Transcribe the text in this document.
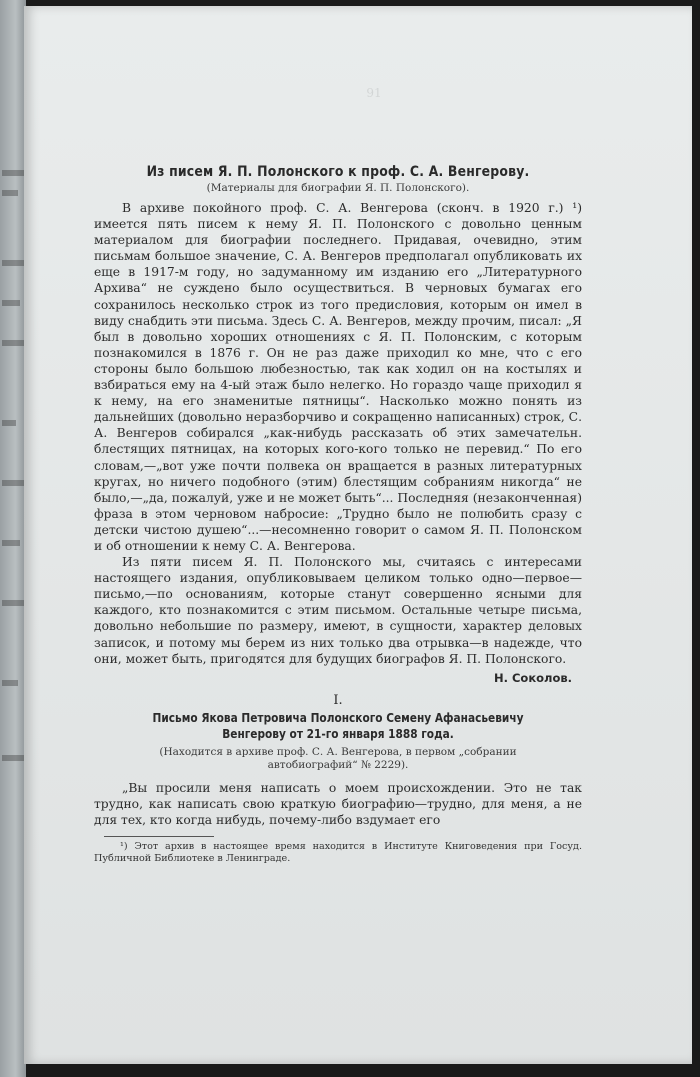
91
Из писем Я. П. Полонского к проф. С. А. Венгерову.
(Материалы для биографии Я. П. Полонского).

В архиве покойного проф. С. А. Венгерова (сконч. в 1920 г.) ¹) имеется пять писем к нему Я. П. Полонского с довольно ценным материалом для биографии последнего. Придавая, очевидно, этим письмам большое значение, С. А. Венгеров предполагал опубликовать их еще в 1917-м году, но задуманному им изданию его „Литературного Архива“ не суждено было осуществиться. В черновых бумагах его сохранилось несколько строк из того предисловия, которым он имел в виду снабдить эти письма. Здесь С. А. Венгеров, между прочим, писал: „Я был в довольно хороших отношениях с Я. П. Полонским, с которым познакомился в 1876 г. Он не раз даже приходил ко мне, что с его стороны было большою любезностью, так как ходил он на костылях и взбираться ему на 4-ый этаж было нелегко. Но гораздо чаще приходил я к нему, на его знаменитые пятницы“. Насколько можно понять из дальнейших (довольно неразборчиво и сокращенно написанных) строк, С. А. Венгеров собирался „как-нибудь рассказать об этих замечательн. блестящих пятницах, на которых кого-кого только не перевид.“ По его словам,—„вот уже почти полвека он вращается в разных литературных кругах, но ничего подобного (этим) блестящим собраниям никогда“ не было,—„да, пожалуй, уже и не может быть“... Последняя (незаконченная) фраза в этом черновом набросие: „Трудно было не полюбить сразу с детски чистою душею“...—несомненно говорит о самом Я. П. Полонском и об отношении к нему С. А. Венгерова.

Из пяти писем Я. П. Полонского мы, считаясь с интересами настоящего издания, опубликовываем целиком только одно—первое—письмо,—по основаниям, которые станут совершенно ясными для каждого, кто познакомится с этим письмом. Остальные четыре письма, довольно небольшие по размеру, имеют, в сущности, характер деловых записок, и потому мы берем из них только два отрывка—в надежде, что они, может быть, пригодятся для будущих биографов Я. П. Полонского.

Н. Соколов.
I.
Письмо Якова Петровича Полонского Семену Афанасьевичу Венгерову от 21-го января 1888 года.
(Находится в архиве проф. С. А. Венгерова, в первом „собрании автобиографий“ № 2229).

„Вы просили меня написать о моем происхождении. Это не так трудно, как написать свою краткую биографию—трудно, для меня, а не для тех, кто когда нибудь, почему-либо вздумает его

¹) Этот архив в настоящее время находится в Институте Книговедения при Госуд. Публичной Библиотеке в Ленинграде.
